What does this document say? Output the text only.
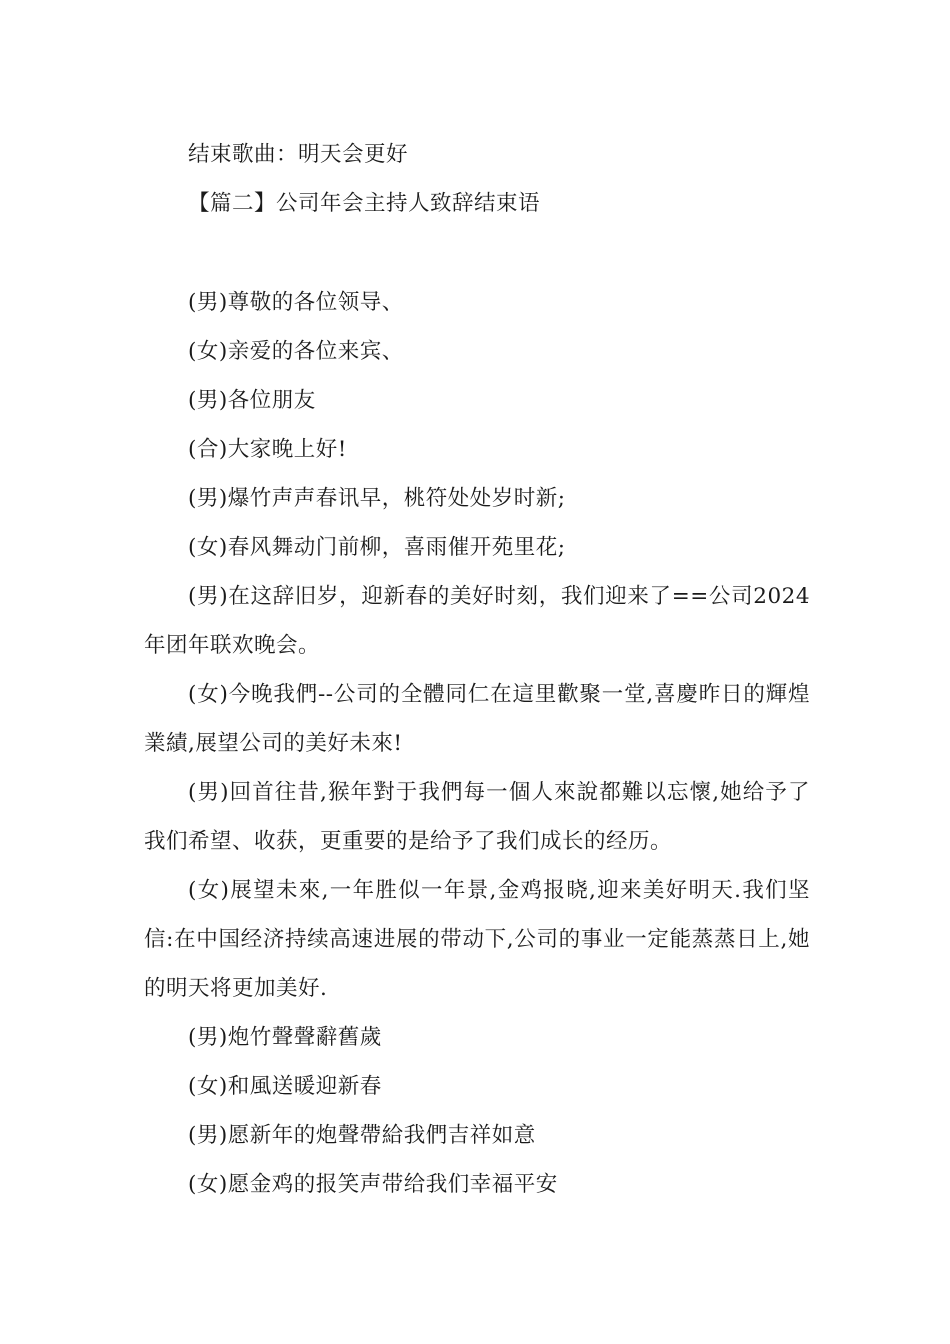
结束歌曲：明天会更好

【篇二】公司年会主持人致辞结束语

(男)尊敬的各位领导、

(女)亲爱的各位来宾、

(男)各位朋友

(合)大家晚上好!

(男)爆竹声声春讯早，桃符处处岁时新;

(女)春风舞动门前柳，喜雨催开苑里花;

(男)在这辞旧岁，迎新春的美好时刻，我们迎来了==公司2024年团年联欢晚会。

(女)今晚我們--公司的全體同仁在這里歡聚一堂,喜慶昨日的輝煌業績,展望公司的美好未來!

(男)回首往昔,猴年對于我們每一個人來說都難以忘懷,她给予了我们希望、收获，更重要的是给予了我们成长的经历。

(女)展望未來,一年胜似一年景,金鸡报晓,迎来美好明天.我们坚信:在中国经济持续高速进展的带动下,公司的事业一定能蒸蒸日上,她的明天将更加美好.

(男)炮竹聲聲辭舊歲

(女)和風送暖迎新春

(男)愿新年的炮聲帶給我們吉祥如意

(女)愿金鸡的报笑声带给我们幸福平安
